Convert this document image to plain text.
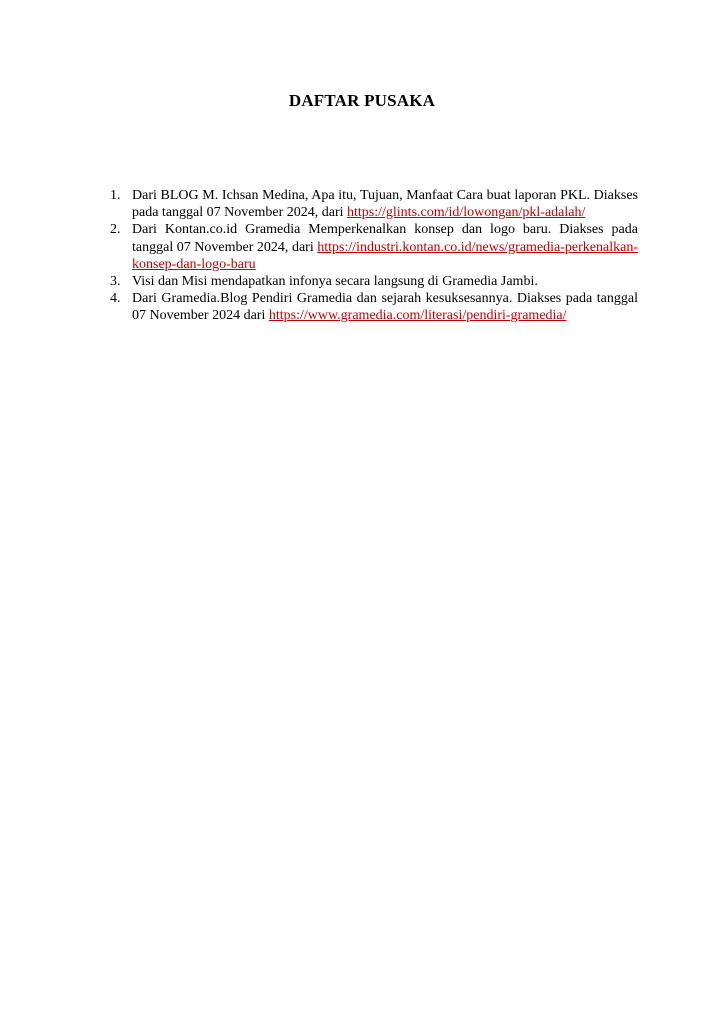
DAFTAR PUSAKA
1. Dari BLOG M. Ichsan Medina, Apa itu, Tujuan, Manfaat Cara buat laporan PKL. Diakses pada tanggal 07 November 2024, dari https://glints.com/id/lowongan/pkl-adalah/
2. Dari Kontan.co.id Gramedia Memperkenalkan konsep dan logo baru. Diakses pada tanggal 07 November 2024, dari https://industri.kontan.co.id/news/gramedia-perkenalkan-konsep-dan-logo-baru
3. Visi dan Misi mendapatkan infonya secara langsung di Gramedia Jambi.
4. Dari Gramedia.Blog Pendiri Gramedia dan sejarah kesuksesannya. Diakses pada tanggal 07 November 2024 dari https://www.gramedia.com/literasi/pendiri-gramedia/
